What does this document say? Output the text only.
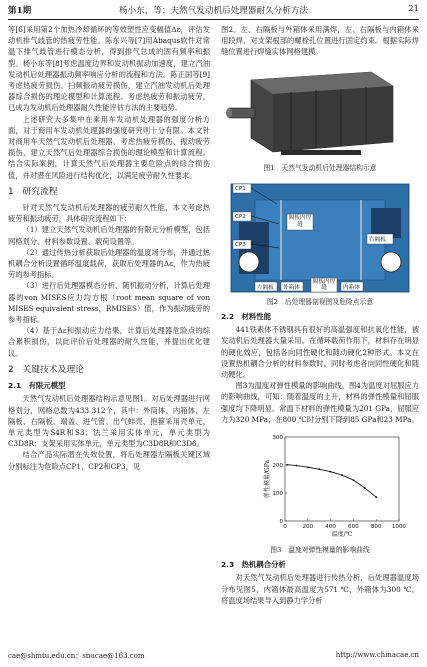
第1期	杨小东，等：夫然气发动机后处理器耐久分析方法	21

等[6]采用第2个加热冷却循环的等效塑性应变幅值Δε，评估发动机排气歧管的热疲劳性能。陈东兴等[7]用Abaqus软件对常温下排气歧管进行模态分析，得到排气总成的固有频率和振型。杨小东等[8]考虑温度边界和发动机振动加速度，建立汽油发动机后处理器振动频率响应分析的流程和方法。陈正国等[9]考虑热疲劳损伤、扫频振动疲劳损伤，建立汽油发动机后处理器综合损伤的理论模型和计算流程。考虑热疲劳和振动疲劳，已成为发动机后处理器耐久性能评估方法的主要趋势。

上述研究大多集中在乘用车发动机处理器的强度分析方面，对于商用车发动机处理器的强度研究则十分有限。本文针对商用车天然气发动机后处理器，考虑热疲劳损伤、振动疲劳损伤，建立天然气后处理器综合损伤的理论模型和计算流程。结合实际案例，计算天然气后处理器主要危险点的综合损伤值，并对潜在风险进行结构优化，以满足疲劳耐久性要求。

1　研究流程

针对天然气发动机后处理器的疲劳耐久性能，本文考虑热疲劳和振动疲劳，具体研究流程如下：

（1）建立天然气发动机后处理器的有限元分析模型，包括网格划分、材料参数设置、载荷设置等。

（2）通过传热分析获取后处理器的温度场分布，并通过热机耦合分析设置循环温度载荷，获取后处理器的Δε，作为热疲劳的参考指标。

（3）进行后处理器模态分析、随机振动分析，计算后处理器的von MISES应力均方根（root mean square of von MISES equivalent stress，RMISES）值，作为振动疲劳的参考指标。

（4）基于Δε和振动应力结果，计算后处理器危险点的综合累积损伤，以此评价后处理器的耐久性能，并提出优化建议。

2　关键技术及理论
2.1　有限元模型

天然气发动机后处理器结构示意见图1。对后处理器进行网格划分，网格总数为433 312个，其中：外筒体、内箱体、左隔板、右隔板、端盖、进气管、出气蚌壳、抱箍采用壳单元，单元类型为S4R和S3；法兰采用实体单元，单元类型为C3D8R；支架采用实体单元，单元类型为C3D8R和C3D6。

结合产品实际潜在失效位置，将后处理器左隔板关键区域分别标注为危险点CP1，CP2和CP3，见

图2。左、右隔板与外箱体采用满焊，左、右隔板与内箱体采用段焊，对支架根部的螺栓孔位置进行固定约束。根据实际焊缝位置进行焊缝实体网格建模。

图1　天然气发动机后处理器结构示意

CP1
CP2
CP3
隔板内焊缝
右隔板
左隔板 外箱体
隔板内焊缝	内箱体

图2　后处理器剖视图及危险点示意

2.2　材料性能

441铁素体不锈钢具有很好的高温强度和抗氧化性能，被发动机后处理器大量采用。在循环载荷作用下，材料存在明显的硬化效应，包括各向同性硬化和随动硬化2种形式。本文在设置热机耦合分析的材料参数时，同时考虑各向同性硬化和随动硬化。

图3为温度对弹性模量的影响曲线，图4为温度对屈服应力的影响曲线，可知：随着温度的上升，材料的弹性模量和屈服强度均下降明显。常温下材料的弹性模量为201 GPa，屈服应力为320 MPa；在800 ℃时分别下降到85 GPa和23 MPa。

0	200 400 600 800 1000
0
100
200
300
温度/℃
弹性模量/GPa

图3　温度对弹性模量的影响曲线

2.3　热机耦合分析

对天然气发动机后处理器进行传热分析，后处理器温度场分布见图5，内箱体最高温度为571 ℃，外箱体为300 ℃。将温度场结果导入到静力学分析

cae@shmtu.edu.cn；snucae@163.com	http://www.chinacae.cn
